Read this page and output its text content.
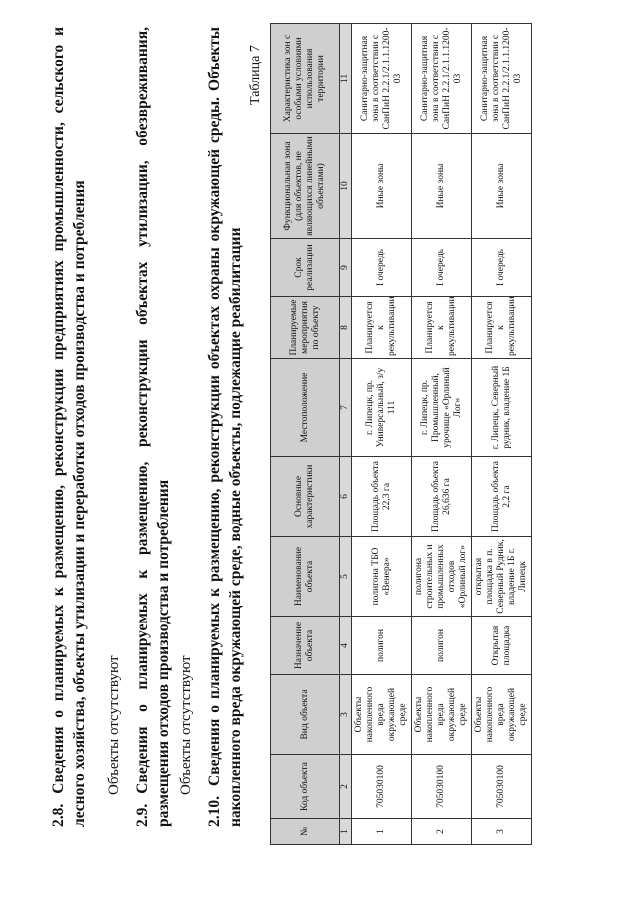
2.8.Сведения о планируемых к размещению, реконструкции предприятиях промышленности, сельского и лесного хозяйства, объекты утилизации и переработки отходов производства и потребления Объекты отсутствуют
2.9.Сведения о планируемых к размещению, реконструкции объектах утилизации, обезвреживания, размещения отходов производства и потребления Объекты отсутствуют
2.10.Сведения о планируемых к размещению, реконструкции объектах охраны окружающей среды. Объекты накопленного вреда окружающей среде, водные объекты, подлежащие реабилитации
Таблица 7
№	Код объекта	Вид объекта	Назначение объекта	Наименование объекта	Основные характеристики	Местоположение	Планируемые мероприятия по объекту	Срок реализации	Функциональная зона (для объектов, не являющихся линейными объектами)	Характеристика зон с особыми условиями использования территории
1	2	3	4	5	6	7	8	9	10	11
1	705030100	Объекты накопленного вреда окружающей среде	полигон	полигона ТБО «Венера»	Площадь объекта 22,3 га	г. Липецк, пр. Универсальный, з/у 111	Планируется к рекультивации	I очередь	Иные зоны	Санитарно-защитная зона в соответствии с СанПиН 2.2.1/2.1.1.1200-03
2	705030100	Объекты накопленного вреда окружающей среде	полигон	полигона строительных и промышленных отходов «Орлиный лог»	Площадь объекта 26,636 га	г. Липецк, пр. Промышленный, урочище «Орлиный Лог»	Планируется к рекультивации	I очередь	Иные зоны	Санитарно-защитная зона в соответствии с СанПиН 2.2.1/2.1.1.1200-03
3	705030100	Объекты накопленного вреда окружающей среде	Открытая площадка	открытая площадка в п. Северный Рудник, владение 1Б г. Липецк	Площадь объекта 2,2 га	г. Липецк, Северный рудник, владение 1Б	Планируется к рекультивации	I очередь	Иные зоны	Санитарно-защитная зона в соответствии с СанПиН 2.2.1/2.1.1.1200-03
